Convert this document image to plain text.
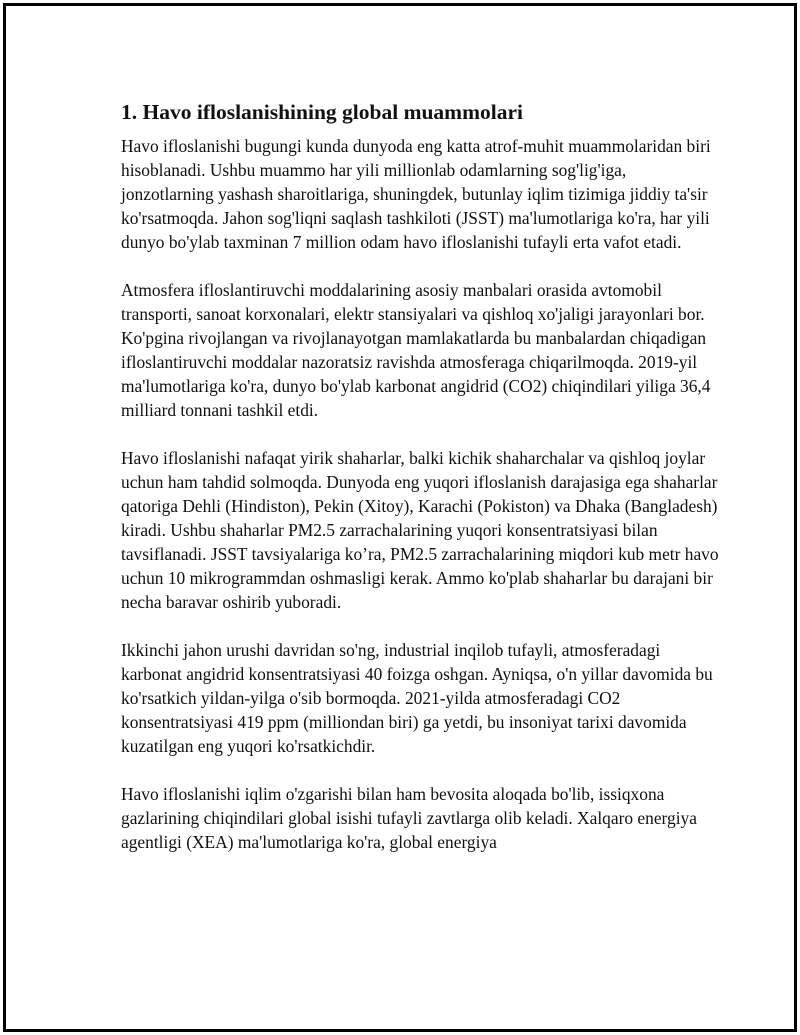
1. Havo ifloslanishining global muammolari

Havo ifloslanishi bugungi kunda dunyoda eng katta atrof-muhit muammolaridan biri hisoblanadi. Ushbu muammo har yili millionlab odamlarning sog'lig'iga, jonzotlarning yashash sharoitlariga, shuningdek, butunlay iqlim tizimiga jiddiy ta'sir ko'rsatmoqda. Jahon sog'liqni saqlash tashkiloti (JSST) ma'lumotlariga ko'ra, har yili dunyo bo'ylab taxminan 7 million odam havo ifloslanishi tufayli erta vafot etadi.

Atmosfera ifloslantiruvchi moddalarining asosiy manbalari orasida avtomobil transporti, sanoat korxonalari, elektr stansiyalari va qishloq xo'jaligi jarayonlari bor. Ko'pgina rivojlangan va rivojlanayotgan mamlakatlarda bu manbalardan chiqadigan ifloslantiruvchi moddalar nazoratsiz ravishda atmosferaga chiqarilmoqda. 2019-yil ma'lumotlariga ko'ra, dunyo bo'ylab karbonat angidrid (CO2) chiqindilari yiliga 36,4 milliard tonnani tashkil etdi.

Havo ifloslanishi nafaqat yirik shaharlar, balki kichik shaharchalar va qishloq joylar uchun ham tahdid solmoqda. Dunyoda eng yuqori ifloslanish darajasiga ega shaharlar qatoriga Dehli (Hindiston), Pekin (Xitoy), Karachi (Pokiston) va Dhaka (Bangladesh) kiradi. Ushbu shaharlar PM2.5 zarrachalarining yuqori konsentratsiyasi bilan tavsiflanadi. JSST tavsiyalariga ko’ra, PM2.5 zarrachalarining miqdori kub metr havo uchun 10 mikrogrammdan oshmasligi kerak. Ammo ko'plab shaharlar bu darajani bir necha baravar oshirib yuboradi.

Ikkinchi jahon urushi davridan so'ng, industrial inqilob tufayli, atmosferadagi karbonat angidrid konsentratsiyasi 40 foizga oshgan. Ayniqsa, o'n yillar davomida bu ko'rsatkich yildan-yilga o'sib bormoqda. 2021-yilda atmosferadagi CO2 konsentratsiyasi 419 ppm (milliondan biri) ga yetdi, bu insoniyat tarixi davomida kuzatilgan eng yuqori ko'rsatkichdir.

Havo ifloslanishi iqlim o'zgarishi bilan ham bevosita aloqada bo'lib, issiqxona gazlarining chiqindilari global isishi tufayli zavtlarga olib keladi. Xalqaro energiya agentligi (XEA) ma'lumotlariga ko'ra, global energiya
